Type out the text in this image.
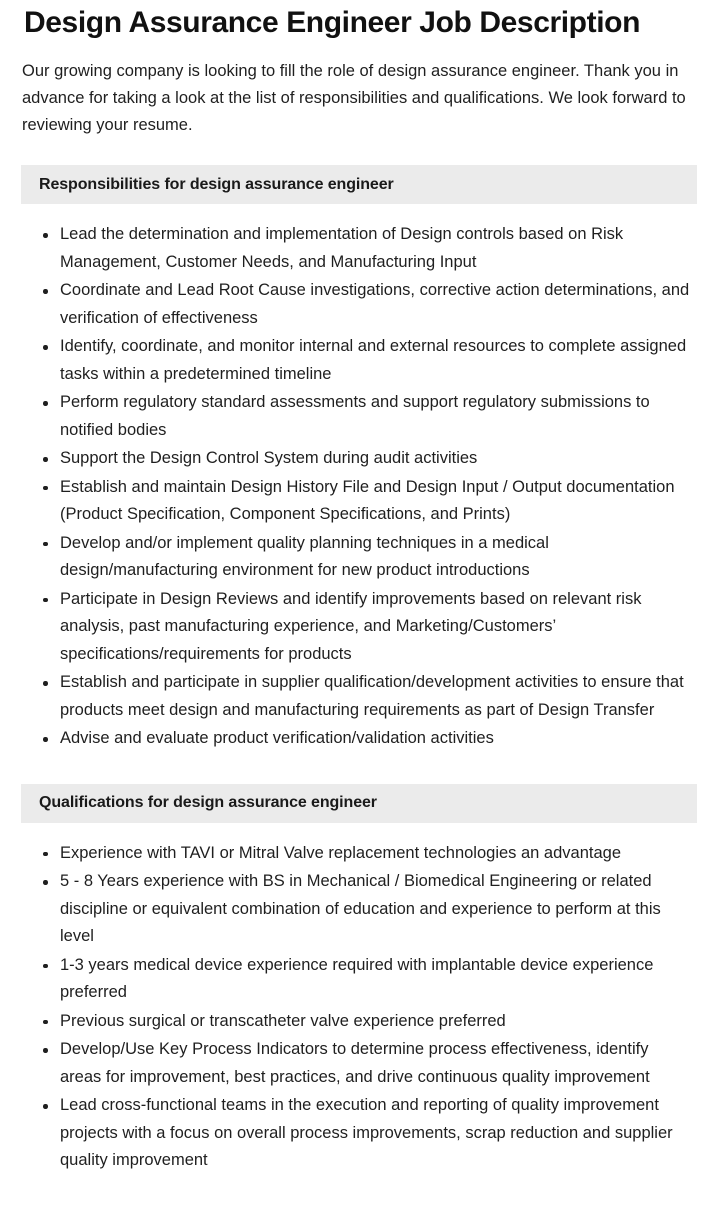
Design Assurance Engineer Job Description

Our growing company is looking to fill the role of design assurance engineer. Thank you in advance for taking a look at the list of responsibilities and qualifications. We look forward to reviewing your resume.

Responsibilities for design assurance engineer
Lead the determination and implementation of Design controls based on Risk Management, Customer Needs, and Manufacturing Input
Coordinate and Lead Root Cause investigations, corrective action determinations, and verification of effectiveness
Identify, coordinate, and monitor internal and external resources to complete assigned tasks within a predetermined timeline
Perform regulatory standard assessments and support regulatory submissions to notified bodies
Support the Design Control System during audit activities
Establish and maintain Design History File and Design Input / Output documentation (Product Specification, Component Specifications, and Prints)
Develop and/or implement quality planning techniques in a medical design/manufacturing environment for new product introductions
Participate in Design Reviews and identify improvements based on relevant risk analysis, past manufacturing experience, and Marketing/Customers’ specifications/requirements for products
Establish and participate in supplier qualification/development activities to ensure that products meet design and manufacturing requirements as part of Design Transfer
Advise and evaluate product verification/validation activities
Qualifications for design assurance engineer
Experience with TAVI or Mitral Valve replacement technologies an advantage
5 - 8 Years experience with BS in Mechanical / Biomedical Engineering or related discipline or equivalent combination of education and experience to perform at this level
1-3 years medical device experience required with implantable device experience preferred
Previous surgical or transcatheter valve experience preferred
Develop/Use Key Process Indicators to determine process effectiveness, identify areas for improvement, best practices, and drive continuous quality improvement
Lead cross-functional teams in the execution and reporting of quality improvement projects with a focus on overall process improvements, scrap reduction and supplier quality improvement
